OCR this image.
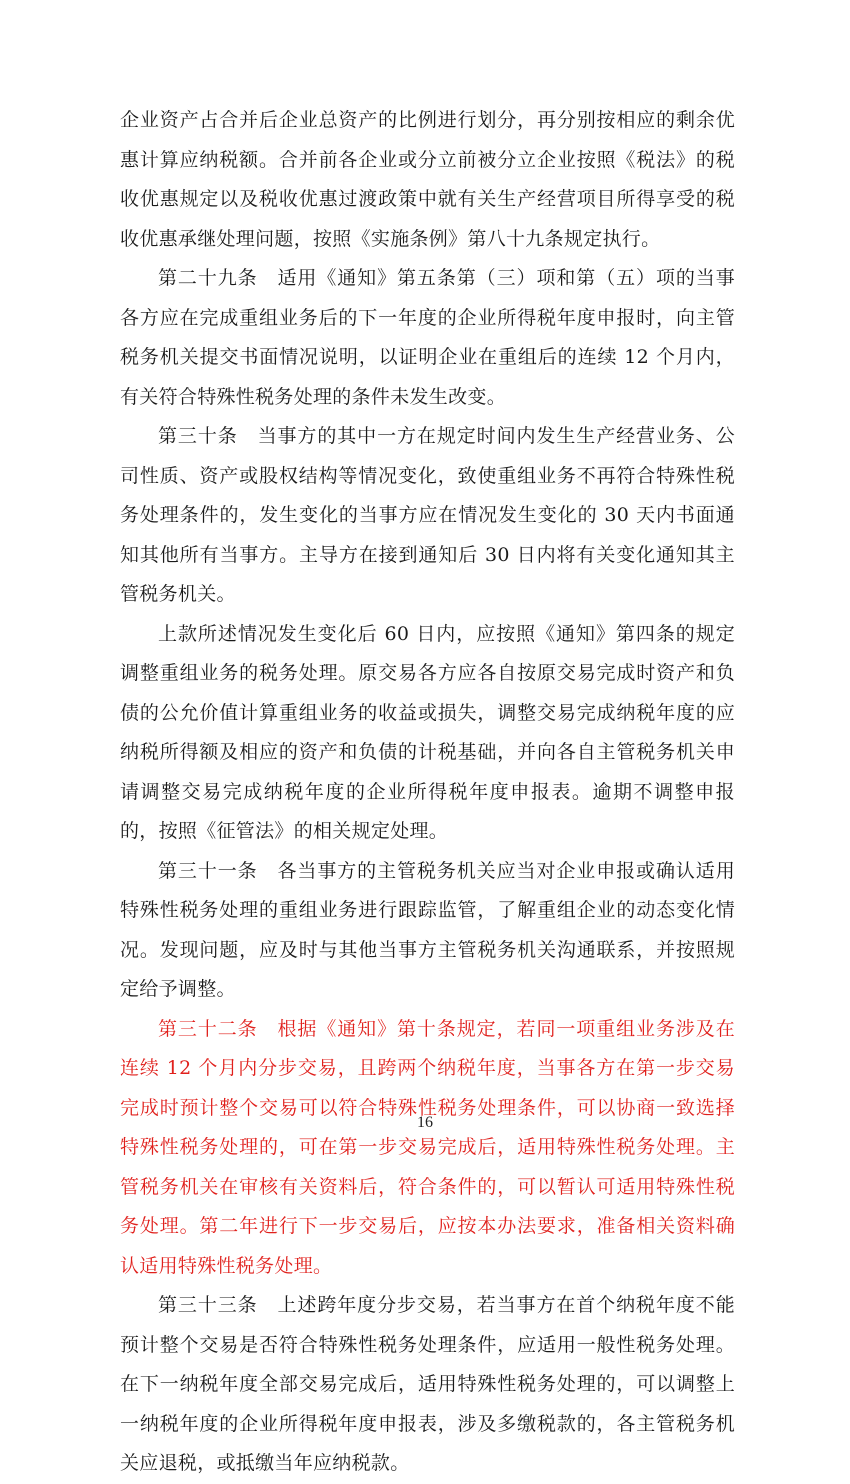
企业资产占合并后企业总资产的比例进行划分，再分别按相应的剩余优惠计算应纳税额。合并前各企业或分立前被分立企业按照《税法》的税收优惠规定以及税收优惠过渡政策中就有关生产经营项目所得享受的税收优惠承继处理问题，按照《实施条例》第八十九条规定执行。

第二十九条　适用《通知》第五条第（三）项和第（五）项的当事各方应在完成重组业务后的下一年度的企业所得税年度申报时，向主管税务机关提交书面情况说明，以证明企业在重组后的连续 12 个月内，有关符合特殊性税务处理的条件未发生改变。

第三十条　当事方的其中一方在规定时间内发生生产经营业务、公司性质、资产或股权结构等情况变化，致使重组业务不再符合特殊性税务处理条件的，发生变化的当事方应在情况发生变化的 30 天内书面通知其他所有当事方。主导方在接到通知后 30 日内将有关变化通知其主管税务机关。

上款所述情况发生变化后 60 日内，应按照《通知》第四条的规定调整重组业务的税务处理。原交易各方应各自按原交易完成时资产和负债的公允价值计算重组业务的收益或损失，调整交易完成纳税年度的应纳税所得额及相应的资产和负债的计税基础，并向各自主管税务机关申请调整交易完成纳税年度的企业所得税年度申报表。逾期不调整申报的，按照《征管法》的相关规定处理。

第三十一条　各当事方的主管税务机关应当对企业申报或确认适用特殊性税务处理的重组业务进行跟踪监管，了解重组企业的动态变化情况。发现问题，应及时与其他当事方主管税务机关沟通联系，并按照规定给予调整。

第三十二条　根据《通知》第十条规定，若同一项重组业务涉及在连续 12 个月内分步交易，且跨两个纳税年度，当事各方在第一步交易完成时预计整个交易可以符合特殊性税务处理条件，可以协商一致选择特殊性税务处理的，可在第一步交易完成后，适用特殊性税务处理。主管税务机关在审核有关资料后，符合条件的，可以暂认可适用特殊性税务处理。第二年进行下一步交易后，应按本办法要求，准备相关资料确认适用特殊性税务处理。

第三十三条　上述跨年度分步交易，若当事方在首个纳税年度不能预计整个交易是否符合特殊性税务处理条件，应适用一般性税务处理。在下一纳税年度全部交易完成后，适用特殊性税务处理的，可以调整上一纳税年度的企业所得税年度申报表，涉及多缴税款的，各主管税务机关应退税，或抵缴当年应纳税款。

16
